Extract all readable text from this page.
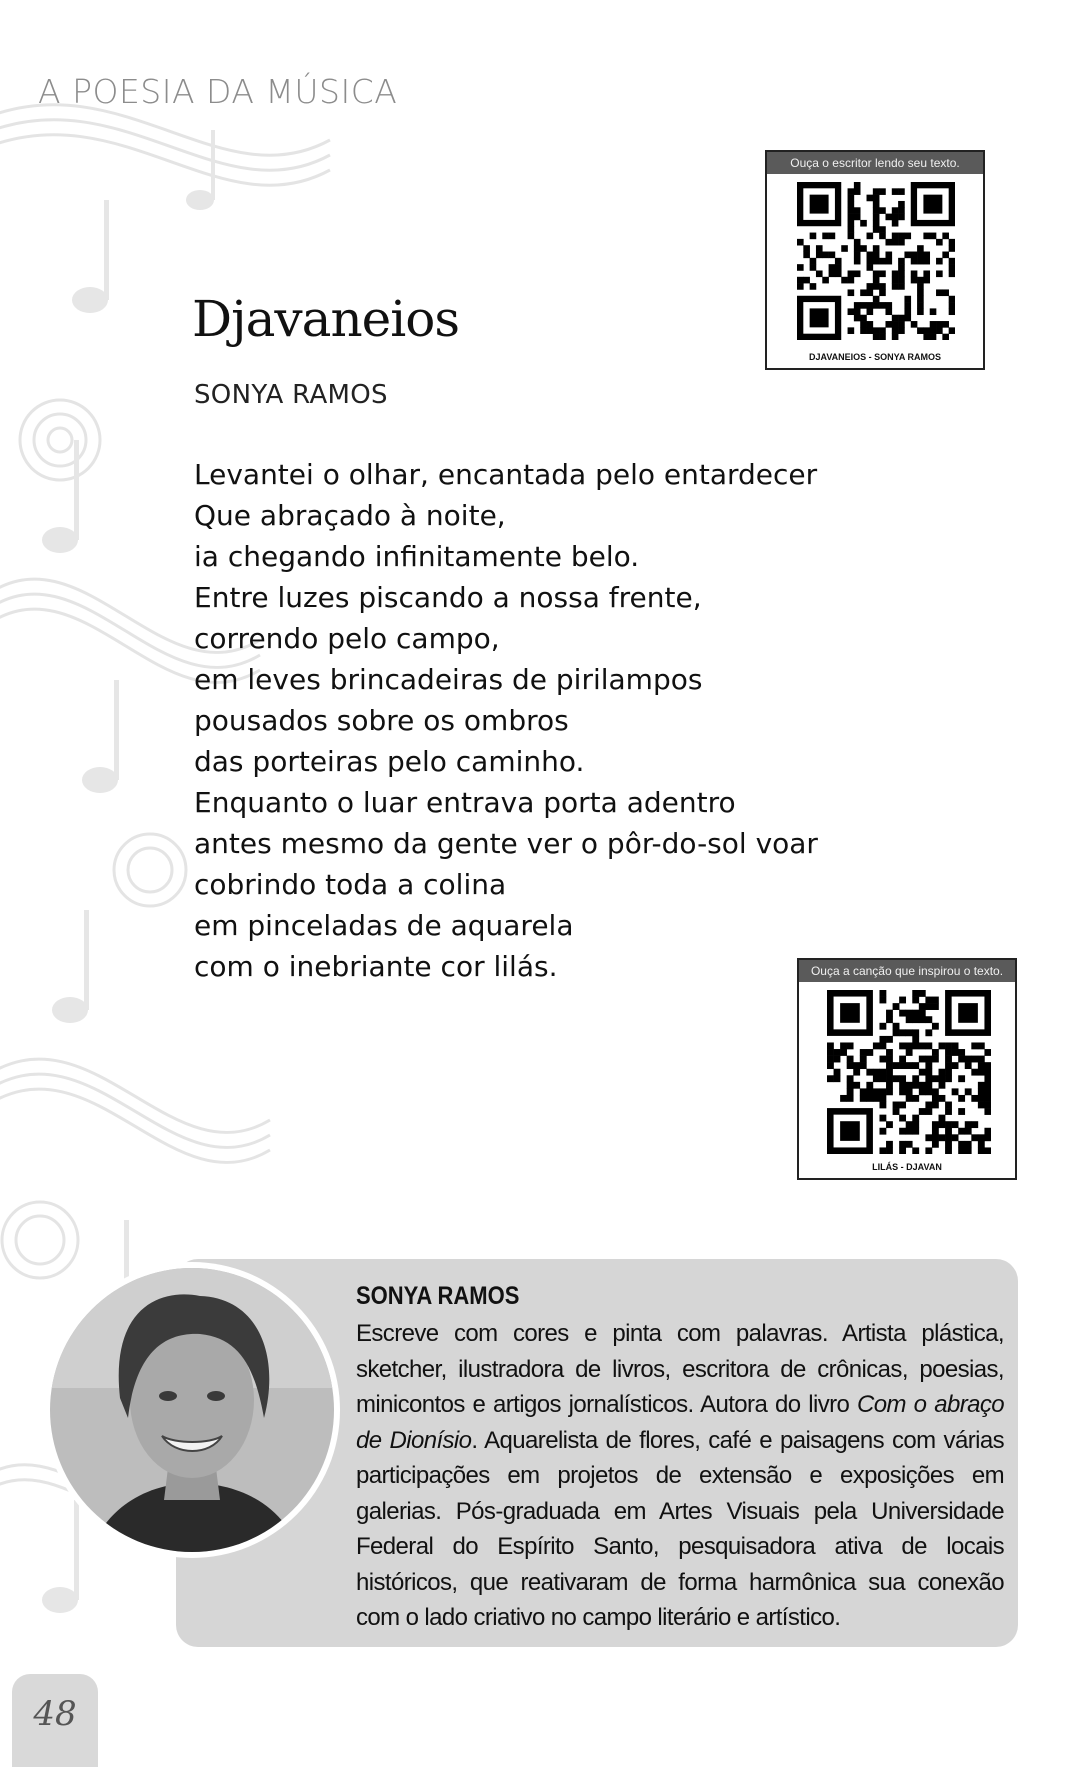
A POESIA DA MÚSICA
Ouça o escritor lendo seu texto.
DJAVANEIOS - SONYA RAMOS
Djavaneios
SONYA RAMOS
Levantei o olhar, encantada pelo entardecer
Que abraçado à noite,
ia chegando infinitamente belo.
Entre luzes piscando a nossa frente,
correndo pelo campo,
em leves brincadeiras de pirilampos
pousados sobre os ombros
das porteiras pelo caminho.
Enquanto o luar entrava porta adentro
antes mesmo da gente ver o pôr-do-sol voar
cobrindo toda a colina
em pinceladas de aquarela
com o inebriante cor lilás.	Ouça a canção que inspirou o texto.
LILÁS - DJAVAN
SONYA RAMOS
Escreve com cores e pinta com palavras. Artista plástica, sketcher, ilustradora de livros, escritora de crônicas, poesias, minicontos e artigos jornalísticos. Autora do livro Com o abraço de Dionísio. Aquarelista de flores, café e paisagens com várias participações em projetos de extensão e exposições em galerias. Pós-graduada em Artes Visuais pela Universidade Federal do Espírito Santo, pesquisadora ativa de locais históricos, que reativaram de forma harmônica sua conexão com o lado criativo no campo literário e artístico.
48
